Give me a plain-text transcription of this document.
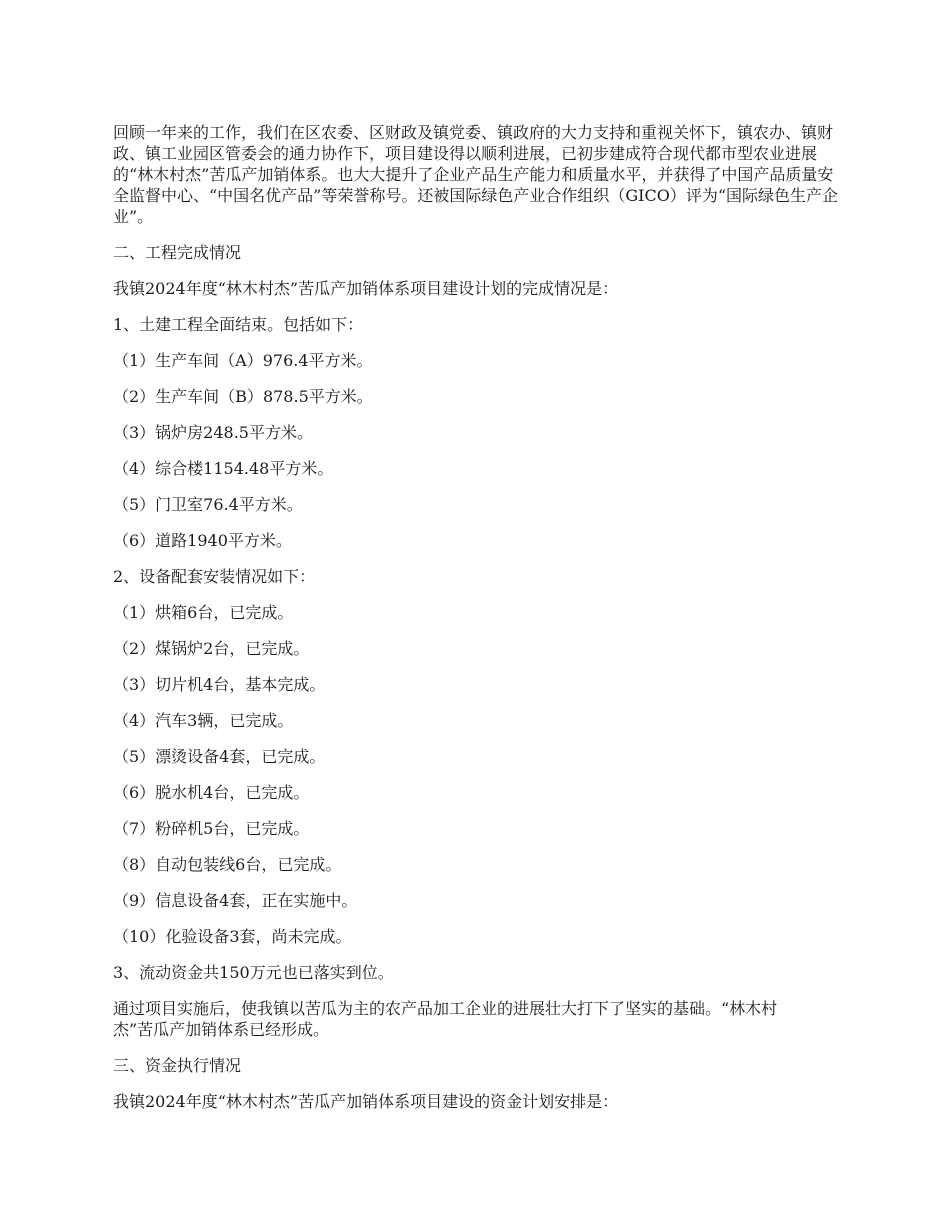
回顾一年来的工作，我们在区农委、区财政及镇党委、镇政府的大力支持和重视关怀下，镇农办、镇财政、镇工业园区管委会的通力协作下，项目建设得以顺利进展，已初步建成符合现代都市型农业进展的“林木村杰”苦瓜产加销体系。也大大提升了企业产品生产能力和质量水平，并获得了中国产品质量安全监督中心、“中国名优产品”等荣誉称号。还被国际绿色产业合作组织（GICO）评为“国际绿色生产企业”。

二、工程完成情况

我镇2024年度“林木村杰”苦瓜产加销体系项目建设计划的完成情况是：

1、土建工程全面结束。包括如下：

（1）生产车间（A）976.4平方米。

（2）生产车间（B）878.5平方米。

（3）锅炉房248.5平方米。

（4）综合楼1154.48平方米。

（5）门卫室76.4平方米。

（6）道路1940平方米。

2、设备配套安装情况如下：

（1）烘箱6台，已完成。

（2）煤锅炉2台，已完成。

（3）切片机4台，基本完成。

（4）汽车3辆，已完成。

（5）漂烫设备4套，已完成。

（6）脱水机4台，已完成。

（7）粉碎机5台，已完成。

（8）自动包装线6台，已完成。

（9）信息设备4套，正在实施中。

（10）化验设备3套，尚未完成。

3、流动资金共150万元也已落实到位。

通过项目实施后，使我镇以苦瓜为主的农产品加工企业的进展壮大打下了坚实的基础。“林木村杰”苦瓜产加销体系已经形成。

三、资金执行情况

我镇2024年度“林木村杰”苦瓜产加销体系项目建设的资金计划安排是：
